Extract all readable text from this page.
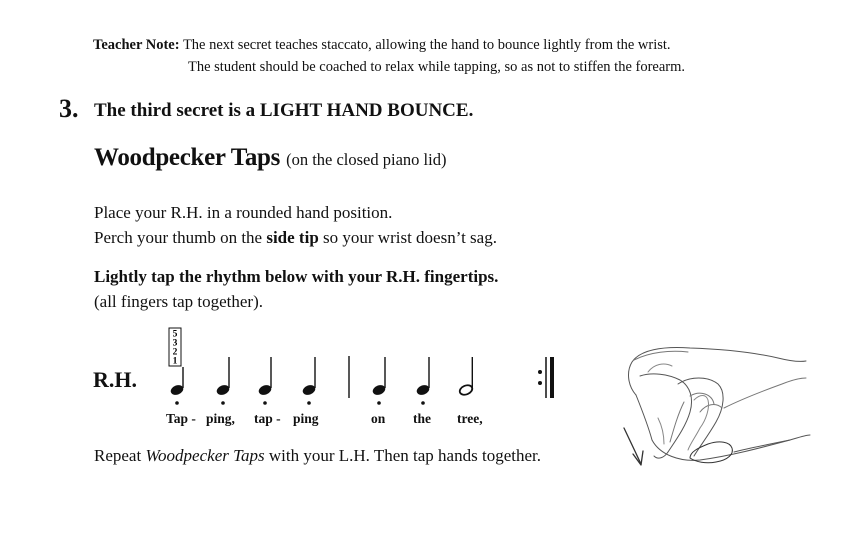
Teacher Note: The next secret teaches staccato, allowing the hand to bounce lightly from the wrist.
The student should be coached to relax while tapping, so as not to stiffen the forearm.
3. The third secret is a LIGHT HAND BOUNCE.
Woodpecker Taps (on the closed piano lid)
Place your R.H. in a rounded hand position.
Perch your thumb on the side tip so your wrist doesn’t sag.
Lightly tap the rhythm below with your R.H. fingertips.
(all fingers tap together).
R.H.
5
3
2
1
Tap - ping, tap - ping	on the tree,
Repeat Woodpecker Taps with your L.H. Then tap hands together.
